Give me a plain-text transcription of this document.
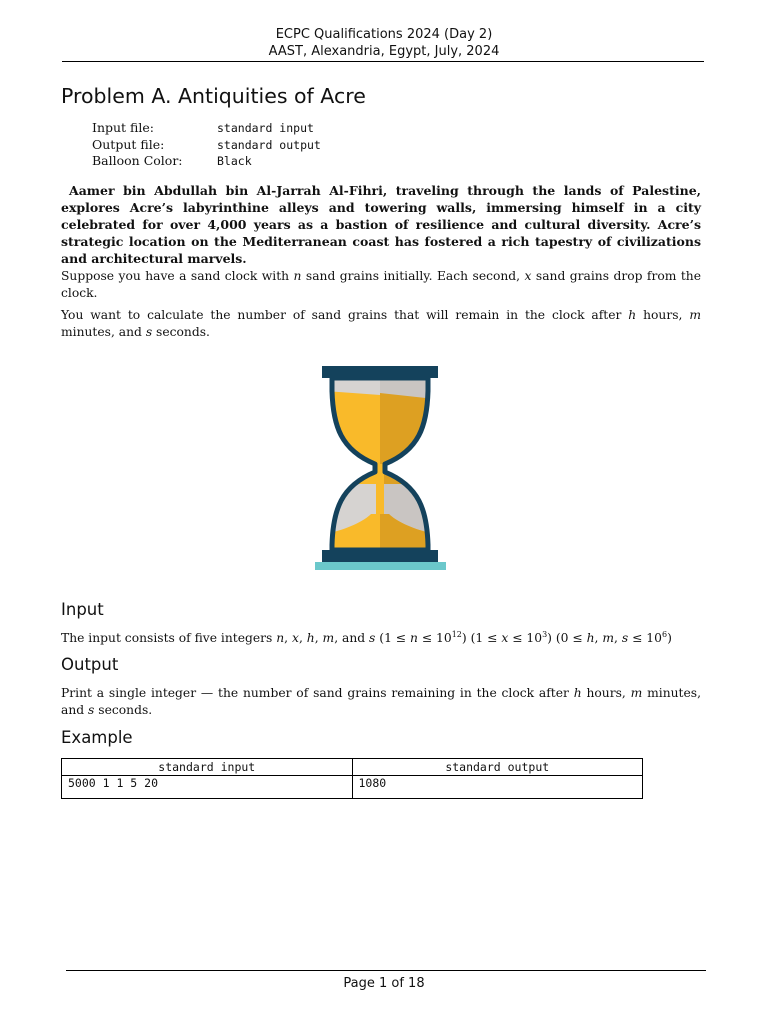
ECPC Qualifications 2024 (Day 2)
AAST, Alexandria, Egypt, July, 2024
Problem A. Antiquities of Acre
Input file:	standard input
Output file:	standard output
Balloon Color:	Black

Aamer bin Abdullah bin Al-Jarrah Al-Fihri, traveling through the lands of Palestine, explores Acre’s labyrinthine alleys and towering walls, immersing himself in a city celebrated for over 4,000 years as a bastion of resilience and cultural diversity. Acre’s strategic location on the Mediterranean coast has fostered a rich tapestry of civilizations and architectural marvels.

Suppose you have a sand clock with n sand grains initially. Each second, x sand grains drop from the clock.

You want to calculate the number of sand grains that will remain in the clock after h hours, m minutes, and s seconds.

Input

The input consists of five integers n, x, h, m, and s $(1 \le n \le 10^{12})$ $(1 \le x \le 10^3)$ (0 ≤ h, m, $s \le 10^6$)

Output

Print a single integer — the number of sand grains remaining in the clock after h hours, m minutes, and s seconds.

Example
standard input	standard output
5000 1 1 5 20	1080
Page 1 of 18
